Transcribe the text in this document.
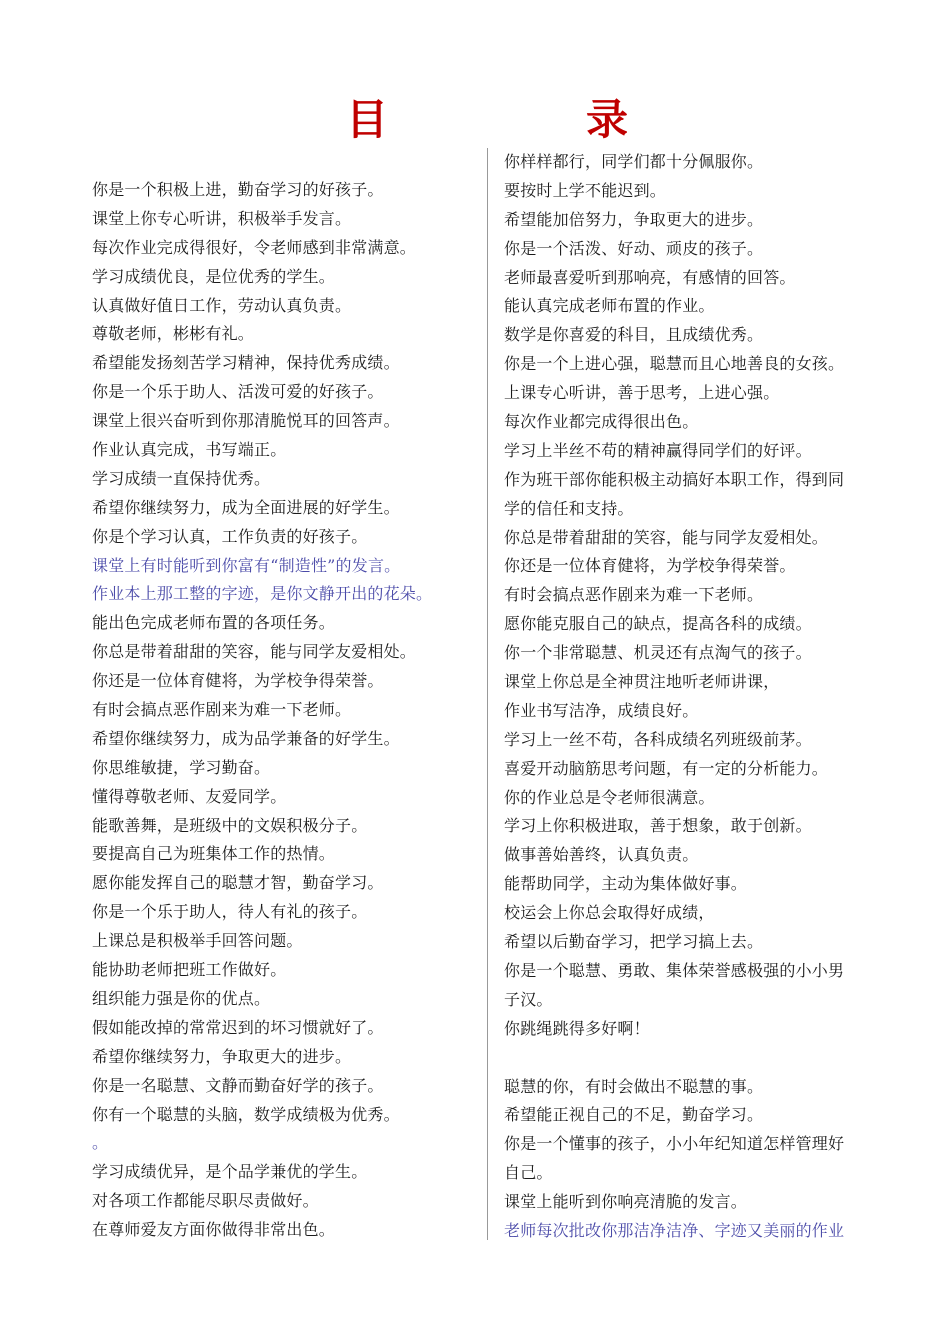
目	录
你是一个积极上进，勤奋学习的好孩子。
课堂上你专心听讲，积极举手发言。
每次作业完成得很好，令老师感到非常满意。
学习成绩优良，是位优秀的学生。
认真做好值日工作，劳动认真负责。
尊敬老师，彬彬有礼。
希望能发扬刻苦学习精神，保持优秀成绩。
你是一个乐于助人、活泼可爱的好孩子。
课堂上很兴奋听到你那清脆悦耳的回答声。
作业认真完成，书写端正。
学习成绩一直保持优秀。
希望你继续努力，成为全面进展的好学生。
你是个学习认真，工作负责的好孩子。
课堂上有时能听到你富有“制造性”的发言。
作业本上那工整的字迹，是你文静开出的花朵。
能出色完成老师布置的各项任务。
你总是带着甜甜的笑容，能与同学友爱相处。
你还是一位体育健将，为学校争得荣誉。
有时会搞点恶作剧来为难一下老师。
希望你继续努力，成为品学兼备的好学生。
你思维敏捷，学习勤奋。
懂得尊敬老师、友爱同学。
能歌善舞，是班级中的文娱积极分子。
要提高自己为班集体工作的热情。
愿你能发挥自己的聪慧才智，勤奋学习。
你是一个乐于助人，待人有礼的孩子。
上课总是积极举手回答问题。
能协助老师把班工作做好。
组织能力强是你的优点。
假如能改掉的常常迟到的坏习惯就好了。
希望你继续努力，争取更大的进步。
你是一名聪慧、文静而勤奋好学的孩子。
你有一个聪慧的头脑，数学成绩极为优秀。
。
学习成绩优异，是个品学兼优的学生。
对各项工作都能尽职尽责做好。
在尊师爱友方面你做得非常出色。
你样样都行，同学们都十分佩服你。
要按时上学不能迟到。
希望能加倍努力，争取更大的进步。
你是一个活泼、好动、顽皮的孩子。
老师最喜爱听到那响亮，有感情的回答。
能认真完成老师布置的作业。
数学是你喜爱的科目，且成绩优秀。
你是一个上进心强，聪慧而且心地善良的女孩。
上课专心听讲，善于思考，上进心强。
每次作业都完成得很出色。
学习上半丝不苟的精神赢得同学们的好评。
作为班干部你能积极主动搞好本职工作，得到同
学的信任和支持。
你总是带着甜甜的笑容，能与同学友爱相处。
你还是一位体育健将，为学校争得荣誉。
有时会搞点恶作剧来为难一下老师。
愿你能克服自己的缺点，提高各科的成绩。
你一个非常聪慧、机灵还有点淘气的孩子。
课堂上你总是全神贯注地听老师讲课，
作业书写洁净，成绩良好。
学习上一丝不苟，各科成绩名列班级前茅。
喜爱开动脑筋思考问题，有一定的分析能力。
你的作业总是令老师很满意。
学习上你积极进取，善于想象，敢于创新。
做事善始善终，认真负责。
能帮助同学，主动为集体做好事。
校运会上你总会取得好成绩，
希望以后勤奋学习，把学习搞上去。
你是一个聪慧、勇敢、集体荣誉感极强的小小男
子汉。
你跳绳跳得多好啊！
聪慧的你，有时会做出不聪慧的事。
希望能正视自己的不足，勤奋学习。
你是一个懂事的孩子，小小年纪知道怎样管理好
自己。
课堂上能听到你响亮清脆的发言。
老师每次批改你那洁净洁净、字迹又美丽的作业
